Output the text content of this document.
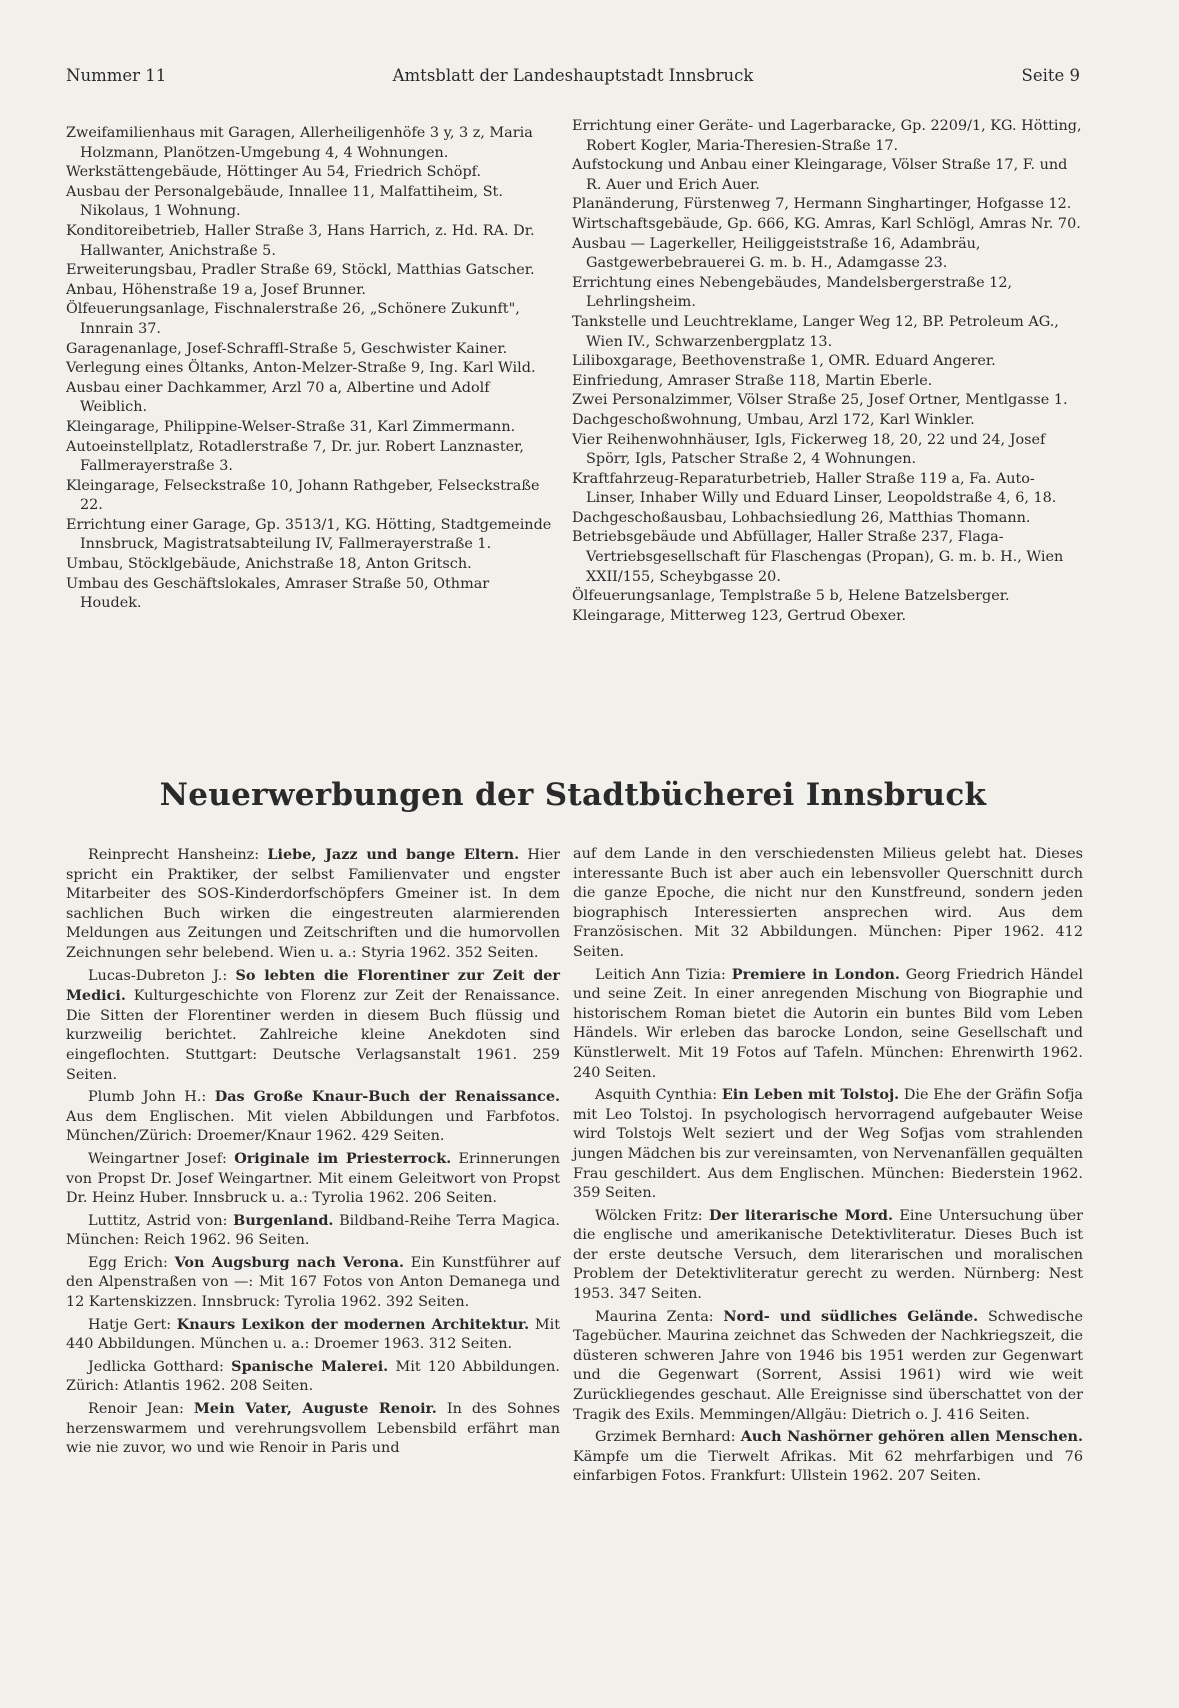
Nummer 11	Amtsblatt der Landeshauptstadt Innsbruck	Seite 9

Zweifamilienhaus mit Garagen, Allerheiligenhöfe 3 y, 3 z, Maria Holzmann, Planötzen-Umgebung 4, 4 Wohnungen.

Werkstättengebäude, Höttinger Au 54, Friedrich Schöpf.

Ausbau der Personalgebäude, Innallee 11, Malfattiheim, St. Nikolaus, 1 Wohnung.

Konditoreibetrieb, Haller Straße 3, Hans Harrich, z. Hd. RA. Dr. Hallwanter, Anichstraße 5.

Erweiterungsbau, Pradler Straße 69, Stöckl, Matthias Gatscher.

Anbau, Höhenstraße 19 a, Josef Brunner.

Ölfeuerungsanlage, Fischnalerstraße 26, „Schönere Zukunft", Innrain 37.

Garagenanlage, Josef-Schraffl-Straße 5, Geschwister Kainer.

Verlegung eines Öltanks, Anton-Melzer-Straße 9, Ing. Karl Wild.

Ausbau einer Dachkammer, Arzl 70 a, Albertine und Adolf Weiblich.

Kleingarage, Philippine-Welser-Straße 31, Karl Zimmermann.

Autoeinstellplatz, Rotadlerstraße 7, Dr. jur. Robert Lanznaster, Fallmerayerstraße 3.

Kleingarage, Felseckstraße 10, Johann Rathgeber, Felseckstraße 22.

Errichtung einer Garage, Gp. 3513/1, KG. Hötting, Stadtgemeinde Innsbruck, Magistratsabteilung IV, Fallmerayerstraße 1.

Umbau, Stöcklgebäude, Anichstraße 18, Anton Gritsch.

Umbau des Geschäftslokales, Amraser Straße 50, Othmar Houdek.

Errichtung einer Geräte- und Lagerbaracke, Gp. 2209/1, KG. Hötting, Robert Kogler, Maria-Theresien-Straße 17.

Aufstockung und Anbau einer Kleingarage, Völser Straße 17, F. und R. Auer und Erich Auer.

Planänderung, Fürstenweg 7, Hermann Singhartinger, Hofgasse 12.

Wirtschaftsgebäude, Gp. 666, KG. Amras, Karl Schlögl, Amras Nr. 70.

Ausbau — Lagerkeller, Heiliggeiststraße 16, Adambräu, Gastgewerbebrauerei G. m. b. H., Adamgasse 23.

Errichtung eines Nebengebäudes, Mandelsbergerstraße 12, Lehrlingsheim.

Tankstelle und Leuchtreklame, Langer Weg 12, BP. Petroleum AG., Wien IV., Schwarzenbergplatz 13.

Liliboxgarage, Beethovenstraße 1, OMR. Eduard Angerer.

Einfriedung, Amraser Straße 118, Martin Eberle.

Zwei Personalzimmer, Völser Straße 25, Josef Ortner, Mentlgasse 1.

Dachgeschoßwohnung, Umbau, Arzl 172, Karl Winkler.

Vier Reihenwohnhäuser, Igls, Fickerweg 18, 20, 22 und 24, Josef Spörr, Igls, Patscher Straße 2, 4 Wohnungen.

Kraftfahrzeug-Reparaturbetrieb, Haller Straße 119 a, Fa. Auto-Linser, Inhaber Willy und Eduard Linser, Leopoldstraße 4, 6, 18.

Dachgeschoßausbau, Lohbachsiedlung 26, Matthias Thomann.

Betriebsgebäude und Abfüllager, Haller Straße 237, Flaga-Vertriebsgesellschaft für Flaschengas (Propan), G. m. b. H., Wien XXII/155, Scheybgasse 20.

Ölfeuerungsanlage, Templstraße 5 b, Helene Batzelsberger.

Kleingarage, Mitterweg 123, Gertrud Obexer.

Neuerwerbungen der Stadtbücherei Innsbruck
Reinprecht Hansheinz: Liebe, Jazz und bange Eltern. Hier spricht ein Praktiker, der selbst Familienvater und engster Mitarbeiter des SOS-Kinderdorfschöpfers Gmeiner ist. In dem sachlichen Buch wirken die eingestreuten alarmierenden Meldungen aus Zeitungen und Zeitschriften und die humorvollen Zeichnungen sehr belebend. Wien u. a.: Styria 1962. 352 Seiten.
Lucas-Dubreton J.: So lebten die Florentiner zur Zeit der Medici. Kulturgeschichte von Florenz zur Zeit der Renaissance. Die Sitten der Florentiner werden in diesem Buch flüssig und kurzweilig berichtet. Zahlreiche kleine Anekdoten sind eingeflochten. Stuttgart: Deutsche Verlagsanstalt 1961. 259 Seiten.
Plumb John H.: Das Große Knaur-Buch der Renaissance. Aus dem Englischen. Mit vielen Abbildungen und Farbfotos. München/Zürich: Droemer/Knaur 1962. 429 Seiten.
Weingartner Josef: Originale im Priesterrock. Erinnerungen von Propst Dr. Josef Weingartner. Mit einem Geleitwort von Propst Dr. Heinz Huber. Innsbruck u. a.: Tyrolia 1962. 206 Seiten.
Luttitz, Astrid von: Burgenland. Bildband-Reihe Terra Magica. München: Reich 1962. 96 Seiten.
Egg Erich: Von Augsburg nach Verona. Ein Kunstführer auf den Alpenstraßen von —: Mit 167 Fotos von Anton Demanega und 12 Kartenskizzen. Innsbruck: Tyrolia 1962. 392 Seiten.
Hatje Gert: Knaurs Lexikon der modernen Architektur. Mit 440 Abbildungen. München u. a.: Droemer 1963. 312 Seiten.
Jedlicka Gotthard: Spanische Malerei. Mit 120 Abbildungen. Zürich: Atlantis 1962. 208 Seiten.
Renoir Jean: Mein Vater, Auguste Renoir. In des Sohnes herzenswarmem und verehrungsvollem Lebensbild erfährt man wie nie zuvor, wo und wie Renoir in Paris und
auf dem Lande in den verschiedensten Milieus gelebt hat. Dieses interessante Buch ist aber auch ein lebensvoller Querschnitt durch die ganze Epoche, die nicht nur den Kunstfreund, sondern jeden biographisch Interessierten ansprechen wird. Aus dem Französischen. Mit 32 Abbildungen. München: Piper 1962. 412 Seiten.
Leitich Ann Tizia: Premiere in London. Georg Friedrich Händel und seine Zeit. In einer anregenden Mischung von Biographie und historischem Roman bietet die Autorin ein buntes Bild vom Leben Händels. Wir erleben das barocke London, seine Gesellschaft und Künstlerwelt. Mit 19 Fotos auf Tafeln. München: Ehrenwirth 1962. 240 Seiten.
Asquith Cynthia: Ein Leben mit Tolstoj. Die Ehe der Gräfin Sofja mit Leo Tolstoj. In psychologisch hervorragend aufgebauter Weise wird Tolstojs Welt seziert und der Weg Sofjas vom strahlenden jungen Mädchen bis zur vereinsamten, von Nervenanfällen gequälten Frau geschildert. Aus dem Englischen. München: Biederstein 1962. 359 Seiten.
Wölcken Fritz: Der literarische Mord. Eine Untersuchung über die englische und amerikanische Detektivliteratur. Dieses Buch ist der erste deutsche Versuch, dem literarischen und moralischen Problem der Detektivliteratur gerecht zu werden. Nürnberg: Nest 1953. 347 Seiten.
Maurina Zenta: Nord- und südliches Gelände. Schwedische Tagebücher. Maurina zeichnet das Schweden der Nachkriegszeit, die düsteren schweren Jahre von 1946 bis 1951 werden zur Gegenwart und die Gegenwart (Sorrent, Assisi 1961) wird wie weit Zurückliegendes geschaut. Alle Ereignisse sind überschattet von der Tragik des Exils. Memmingen/Allgäu: Dietrich o. J. 416 Seiten.
Grzimek Bernhard: Auch Nashörner gehören allen Menschen. Kämpfe um die Tierwelt Afrikas. Mit 62 mehrfarbigen und 76 einfarbigen Fotos. Frankfurt: Ullstein 1962. 207 Seiten.
